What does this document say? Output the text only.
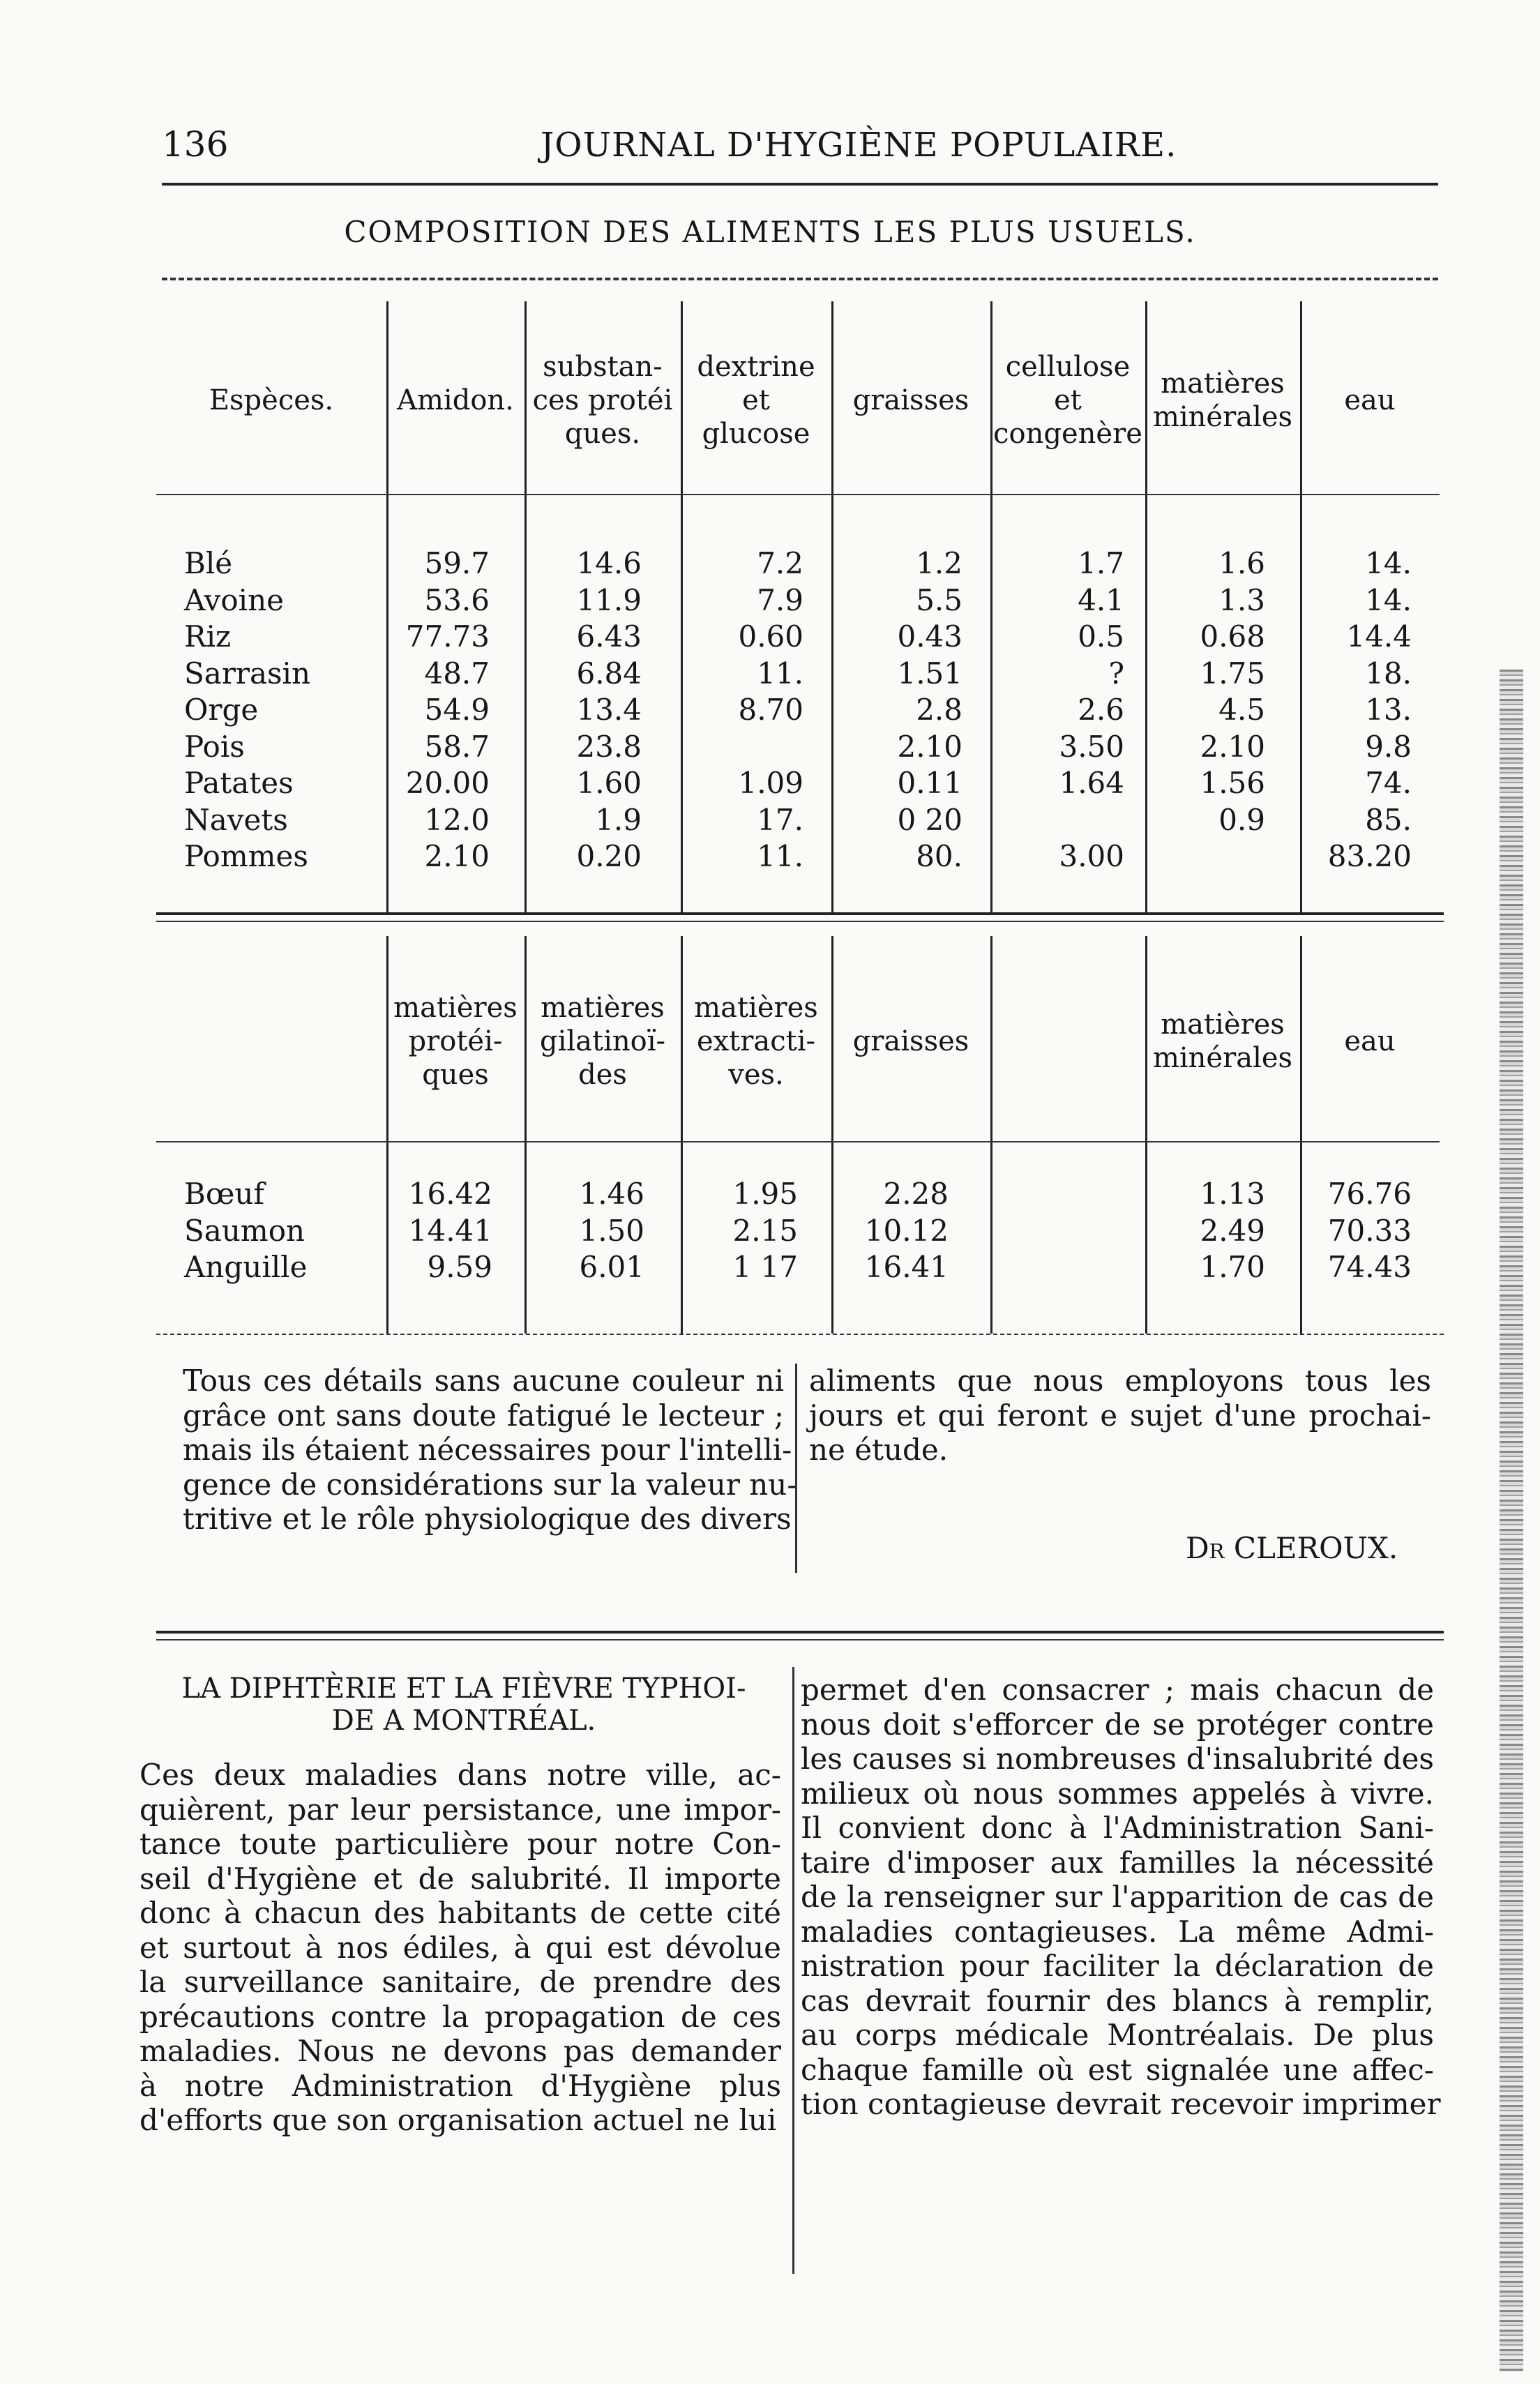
136	JOURNAL D'HYGIÈNE POPULAIRE.
COMPOSITION DES ALIMENTS LES PLUS USUELS.
Espèces.	Amidon.
substan-
ces protéi
ques.
dextrine
et
glucose
graisses
cellulose
et
congenère
matières
minérales
eau
Blé
Avoine
Riz
Sarrasin
Orge
Pois
Patates
Navets
Pommes
59.7
53.6
77.73
48.7
54.9
58.7
20.00
12.0
2.10
14.6
11.9
6.43
6.84
13.4
23.8
1.60
1.9
0.20
7.2
7.9
0.60
11.
8.70

1.09
17.
11.
1.2
5.5
0.43
1.51
2.8
2.10
0.11
0 20
80.
1.7
4.1
0.5
?
2.6
3.50
1.64

3.00
1.6
1.3
0.68
1.75
4.5
2.10
1.56
0.9

14.
14.
14.4
18.
13.
9.8
74.
85.
83.20
matières
protéi-
ques
matières
gilatinoï-
des
matières
extracti-
ves.
graisses
matières
minérales
eau
Bœuf
Saumon
Anguille
16.42
14.41
9.59
1.46
1.50
6.01
1.95
2.15
1 17
2.28
10.12
16.41

1.13
2.49
1.70
76.76
70.33
74.43
Tous ces détails sans aucune couleur ni
grâce ont sans doute fatigué le lecteur ;
mais ils étaient nécessaires pour l'intelli-
gence de considérations sur la valeur nu-
tritive et le rôle physiologique des divers
aliments que nous employons tous les
jours et qui feront e sujet d'une prochai-
ne étude.
Dr CLEROUX.
LA DIPHTÈRIE ET LA FIÈVRE TYPHOI-
DE A MONTRÉAL.
Ces deux maladies dans notre ville, ac-
quièrent, par leur persistance, une impor-
tance toute particulière pour notre Con-
seil d'Hygiène et de salubrité. Il importe
donc à chacun des habitants de cette cité
et surtout à nos édiles, à qui est dévolue
la surveillance sanitaire, de prendre des
précautions contre la propagation de ces
maladies. Nous ne devons pas demander
à notre Administration d'Hygiène plus
d'efforts que son organisation actuel ne lui
permet d'en consacrer ; mais chacun de
nous doit s'efforcer de se protéger contre
les causes si nombreuses d'insalubrité des
milieux où nous sommes appelés à vivre.
Il convient donc à l'Administration Sani-
taire d'imposer aux familles la nécessité
de la renseigner sur l'apparition de cas de
maladies contagieuses. La même Admi-
nistration pour faciliter la déclaration de
cas devrait fournir des blancs à remplir,
au corps médicale Montréalais. De plus
chaque famille où est signalée une affec-
tion contagieuse devrait recevoir imprimer
